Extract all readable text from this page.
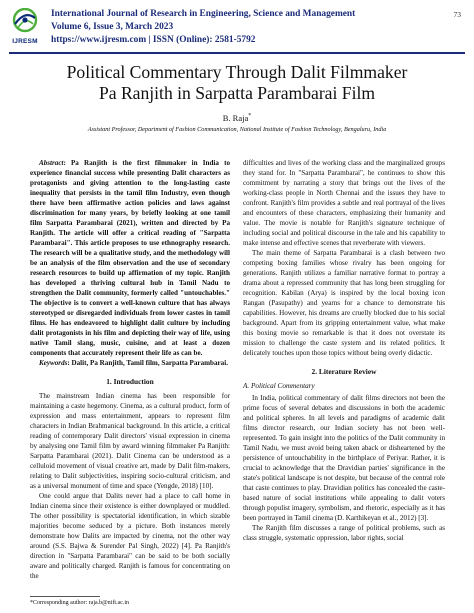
IJRESM
International Journal of Research in Engineering, Science and Management
Volume 6, Issue 3, March 2023
https://www.ijresm.com | ISSN (Online): 2581-5792
73
Political Commentary Through Dalit Filmmaker
Pa Ranjith in Sarpatta Parambarai Film
B. Raja*
Assistant Professor, Department of Fashion Communication, National Institute of Fashion Technology, Bengaluru, India

Abstract: Pa Ranjith is the first filmmaker in India to experience financial success while presenting Dalit characters as protagonists and giving attention to the long-lasting caste inequality that persists in the tamil film Industry, even though there have been affirmative action policies and laws against discrimination for many years, by briefly looking at one tamil film Sarpatta Parambarai (2021), written and directed by Pa Ranjith. The article will offer a critical reading of "Sarpatta Parambarai". This article proposes to use ethnography research. The research will be a qualitative study, and the methodology will be an analysis of the film observation and the use of secondary research resources to build up affirmation of my topic. Ranjith has developed a thriving cultural hub in Tamil Nadu to strengthen the Dalit community, formerly called "untouchables." The objective is to convert a well-known culture that has always stereotyped or disregarded individuals from lower castes in tamil films. He has endeavored to highlight dalit culture by including dalit protagonists in his film and depicting their way of life, using native Tamil slang, music, cuisine, and at least a dozen components that accurately represent their life as can be.

Keywords: Dalit, Pa Ranjith, Tamil film, Sarpatta Parambarai.

1. Introduction

The mainstream Indian cinema has been responsible for maintaining a caste hegemony. Cinema, as a cultural product, form of expression and mass entertainment, appears to represent film characters in Indian Brahmanical background. In this article, a critical reading of contemporary Dalit directors' visual expression in cinema by analysing one Tamil film by award winning filmmaker Pa Ranjith: Sarpatta Parambarai (2021). Dalit Cinema can be understood as a celluloid movement of visual creative art, made by Dalit film-makers, relating to Dalit subjectivities, inspiring socio-cultural criticism, and as a universal monument of time and space (Yengde, 2018) [10].

One could argue that Dalits never had a place to call home in Indian cinema since their existence is either downplayed or muddled. The other possibility is spectatorial identification, in which sizable majorities become seduced by a picture. Both instances merely demonstrate how Dalits are impacted by cinema, not the other way around (S.S. Bajwa & Surender Pal Singh, 2022) [4]. Pa Ranjith's direction in "Sarpatta Parambarai" can be said to be both socially aware and politically charged. Ranjith is famous for concentrating on the

difficulties and lives of the working class and the marginalized groups they stand for. In "Sarpatta Parambarai", he continues to show this commitment by narrating a story that brings out the lives of the working-class people in North Chennai and the issues they have to confront. Ranjith's film provides a subtle and real portrayal of the lives and encounters of these characters, emphasizing their humanity and value. The movie is notable for Ranjith's signature technique of including social and political discourse in the tale and his capability to make intense and effective scenes that reverberate with viewers.

The main theme of Sarpatta Parambarai is a clash between two competing boxing families whose rivalry has been ongoing for generations. Ranjith utilizes a familiar narrative format to portray a drama about a repressed community that has long been struggling for recognition. Kabilan (Arya) is inspired by the local boxing icon Rangan (Pasupathy) and yearns for a chance to demonstrate his capabilities. However, his dreams are cruelly blocked due to his social background. Apart from its gripping entertainment value, what make this boxing movie so remarkable is that it does not overstate its mission to challenge the caste system and its related politics. It delicately touches upon those topics without being overly didactic.

2. Literature Review
A. Political Commentary

In India, political commentary of dalit films directors not been the prime focus of several debates and discussions in both the academic and political spheres. In all levels and paradigms of academic dalit films director research, our Indian society has not been well-represented. To gain insight into the politics of the Dalit community in Tamil Nadu, we must avoid being taken aback or disheartened by the persistence of untouchability in the birthplace of Periyar. Rather, it is crucial to acknowledge that the Dravidian parties' significance in the state's political landscape is not despite, but because of the central role that caste continues to play. Dravidian politics has concealed the caste-based nature of social institutions while appealing to dalit voters through populist imagery, symbolism, and rhetoric, especially as it has been portrayed in Tamil cinema (D. Karthikeyan et al., 2012) [3].

The Ranjith film discusses a range of political problems, such as class struggle, systematic oppression, labor rights, social

*Corresponding author: raja.b@nift.ac.in
